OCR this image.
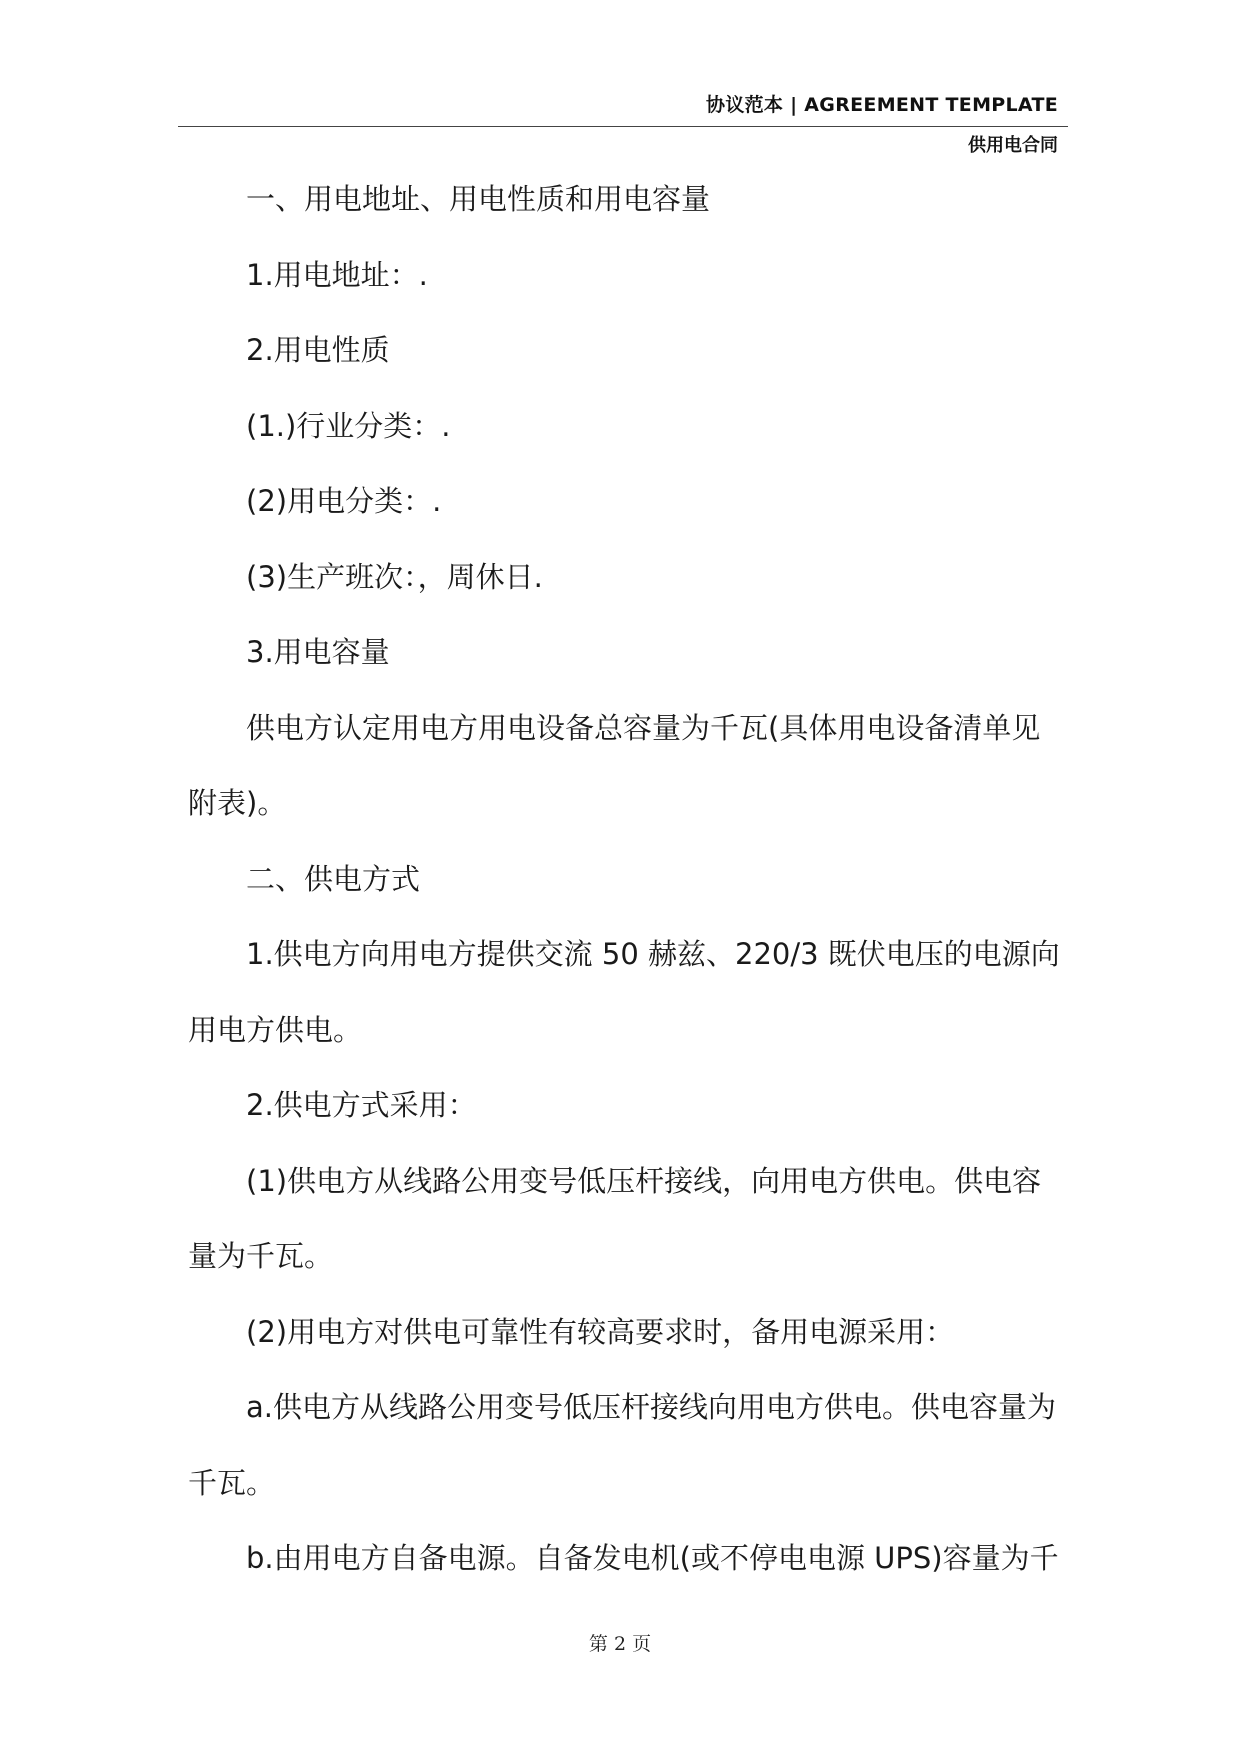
协议范本 | AGREEMENT TEMPLATE
供用电合同

一、用电地址、用电性质和用电容量

1.用电地址：.

2.用电性质

(1.)行业分类：.

(2)用电分类：.

(3)生产班次：，周休日.

3.用电容量

供电方认定用电方用电设备总容量为千瓦(具体用电设备清单见附表)。

二、供电方式

1.供电方向用电方提供交流 50 赫兹、220/3 既伏电压的电源向用电方供电。

2.供电方式采用：

(1)供电方从线路公用变号低压杆接线，向用电方供电。供电容量为千瓦。

(2)用电方对供电可靠性有较高要求时，备用电源采用：

a.供电方从线路公用变号低压杆接线向用电方供电。供电容量为千瓦。

b.由用电方自备电源。自备发电机(或不停电电源 UPS)容量为千

第 2 页
